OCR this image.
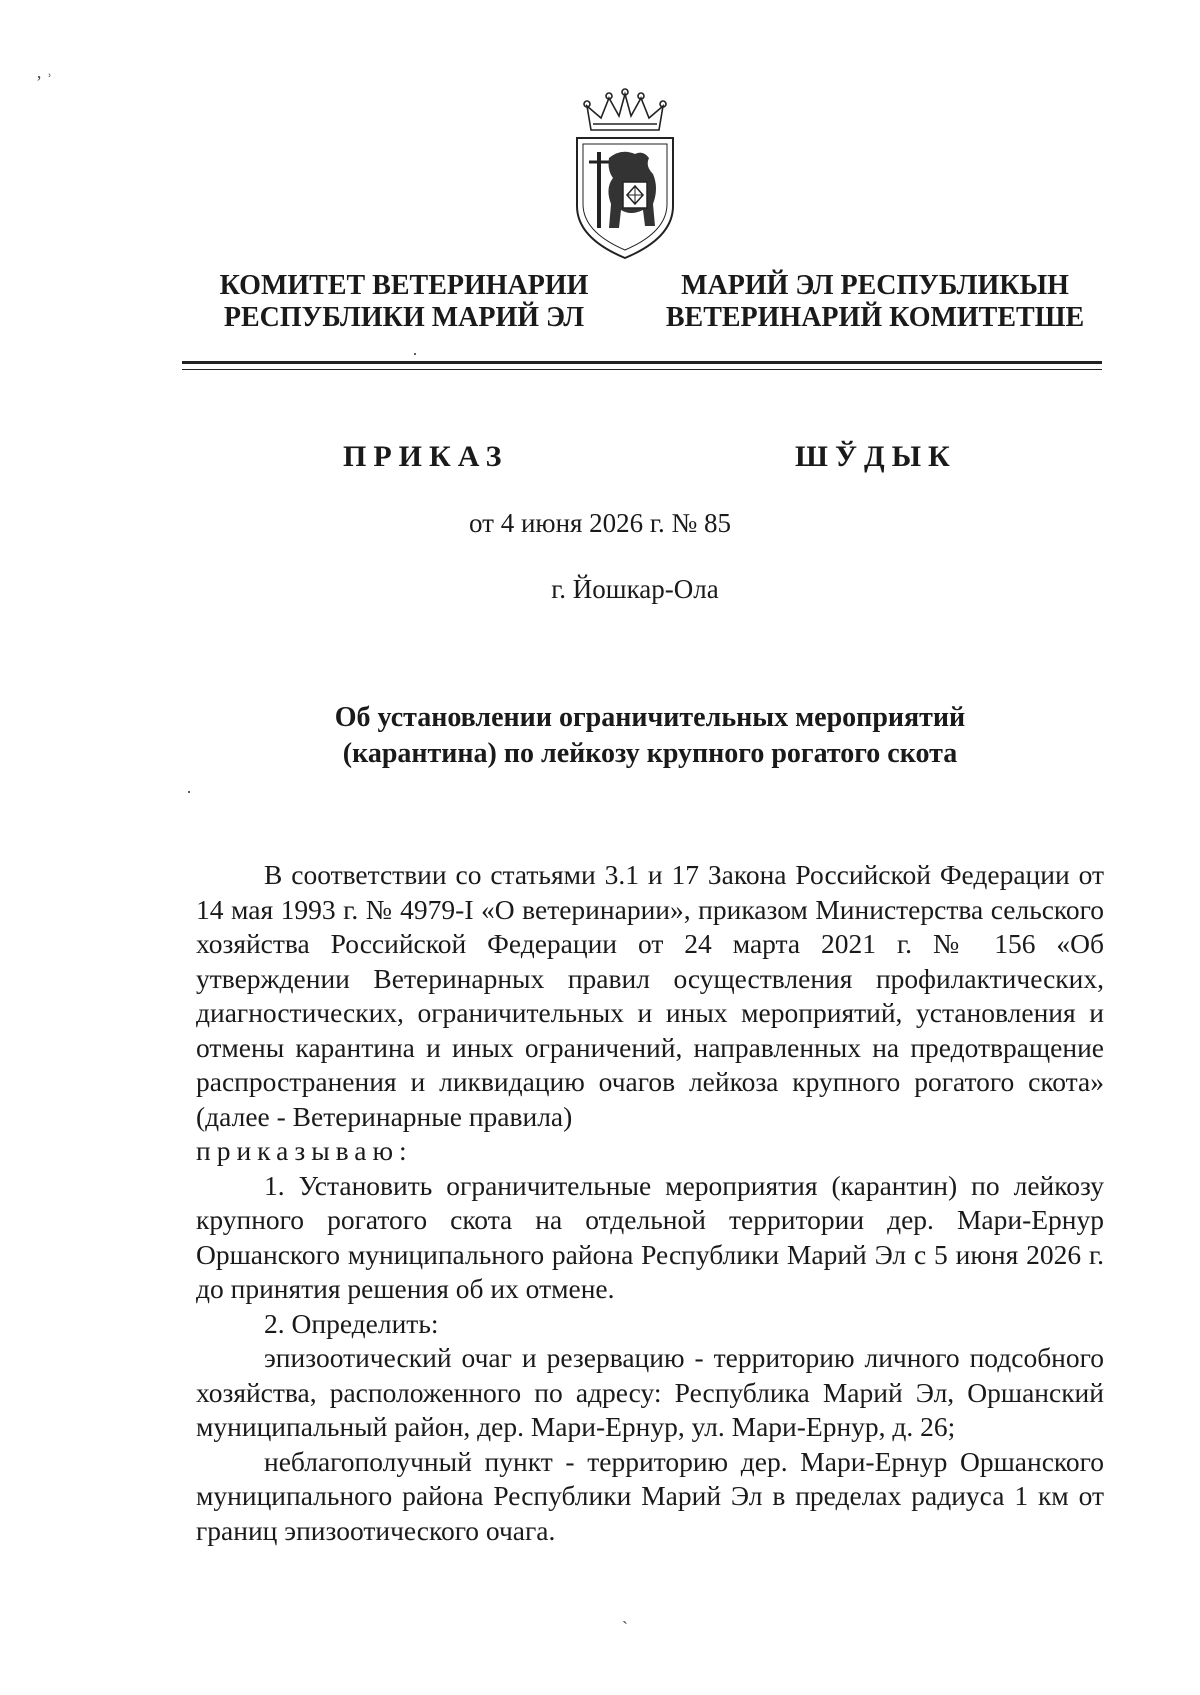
КОМИТЕТ ВЕТЕРИНАРИИ
РЕСПУБЛИКИ МАРИЙ ЭЛ
МАРИЙ ЭЛ РЕСПУБЛИКЫН
ВЕТЕРИНАРИЙ КОМИТЕТШЕ
ПРИКАЗ	ШЎДЫК
от 4 июня 2026 г. № 85
г. Йошкар-Ола
Об установлении ограничительных мероприятий
(карантина) по лейкозу крупного рогатого скота

В соответствии со статьями 3.1 и 17 Закона Российской Федерации от 14 мая 1993 г. № 4979-I «О ветеринарии», приказом Министерства сельского хозяйства Российской Федерации от 24 марта 2021 г. № 156 «Об утверждении Ветеринарных правил осуществления профилактических, диагностических, ограничительных и иных мероприятий, установления и отмены карантина и иных ограничений, направленных на предотвращение распространения и ликвидацию очагов лейкоза крупного рогатого скота» (далее - Ветеринарные правила)

приказываю:

1. Установить ограничительные мероприятия (карантин) по лейкозу крупного рогатого скота на отдельной территории дер. Мари-Ернур Оршанского муниципального района Республики Марий Эл с 5 июня 2026 г. до принятия решения об их отмене.

2. Определить:

эпизоотический очаг и резервацию - территорию личного подсобного хозяйства, расположенного по адресу: Республика Марий Эл, Оршанский муниципальный район, дер. Мари-Ернур, ул. Мари-Ернур, д. 26;

неблагополучный пункт - территорию дер. Мари-Ернур Оршанского муниципального района Республики Марий Эл в пределах радиуса 1 км от границ эпизоотического очага.

‚ ˒
·
·
ˏ
